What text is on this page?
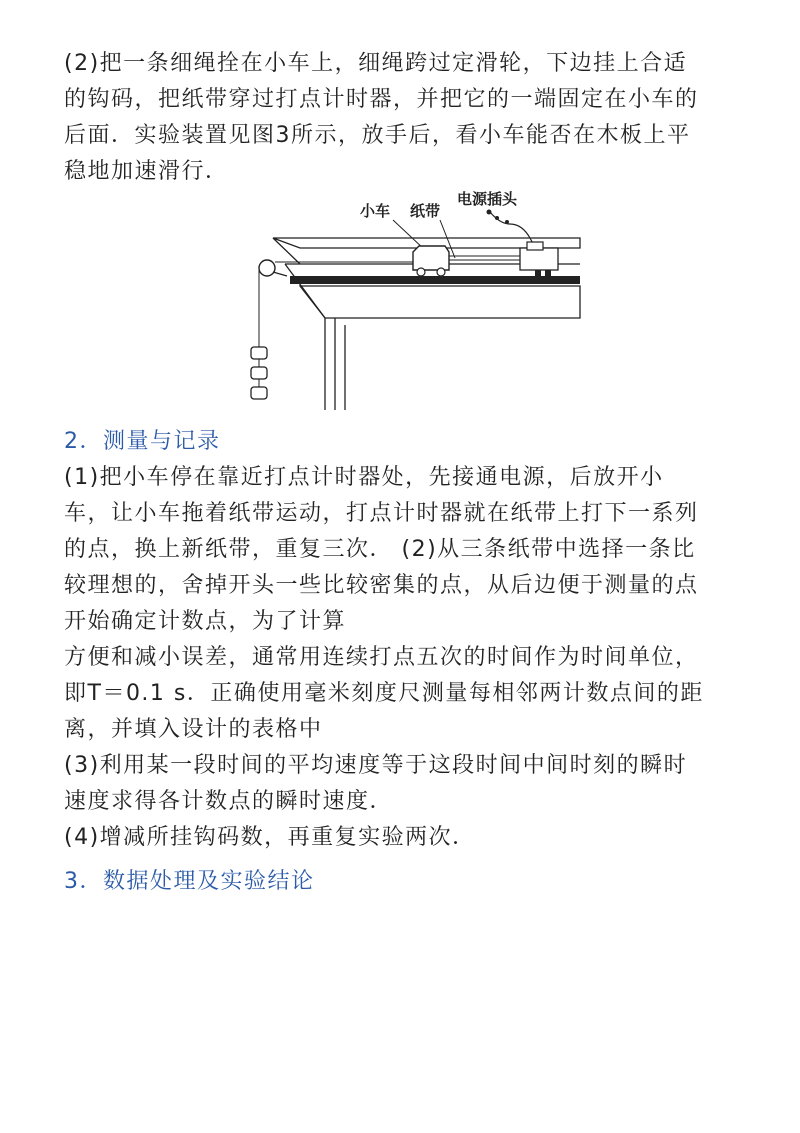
(2)把一条细绳拴在小车上，细绳跨过定滑轮，下边挂上合适
的钩码，把纸带穿过打点计时器，并把它的一端固定在小车的
后面．实验装置见图3所示，放手后，看小车能否在木板上平
稳地加速滑行．
小车 纸带
电源插头
2．测量与记录
(1)把小车停在靠近打点计时器处，先接通电源，后放开小
车，让小车拖着纸带运动，打点计时器就在纸带上打下一系列
的点，换上新纸带，重复三次． (2)从三条纸带中选择一条比
较理想的，舍掉开头一些比较密集的点，从后边便于测量的点
开始确定计数点，为了计算
方便和减小误差，通常用连续打点五次的时间作为时间单位，
即T＝0.1 s．正确使用毫米刻度尺测量每相邻两计数点间的距
离，并填入设计的表格中
(3)利用某一段时间的平均速度等于这段时间中间时刻的瞬时
速度求得各计数点的瞬时速度．
(4)增减所挂钩码数，再重复实验两次．
3．数据处理及实验结论
